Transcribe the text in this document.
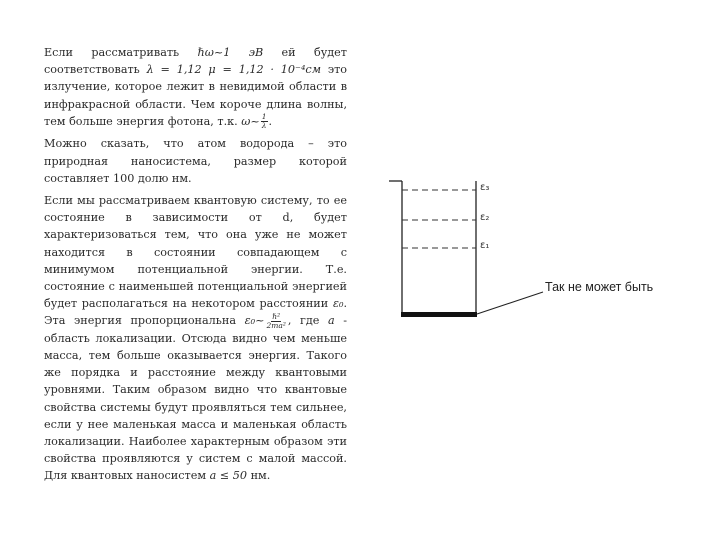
Если рассматривать ℏω~1 эВ ей будет соответствовать λ = 1,12 μ = 1,12 · 10⁻⁴см это излучение, которое лежит в невидимой области в инфракрасной области. Чем короче длина волны, тем больше энергия фотона, т.к. ω~ $\frac{1}{\lambda}$ .

Можно сказать, что атом водорода – это природная наносистема, размер которой составляет 100 долю нм.

Если мы рассматриваем квантовую систему, то ее состояние в зависимости от d, будет характеризоваться тем, что она уже не может находится в состоянии совпадающем с минимумом потенциальной энергии. Т.е. состояние с наименьшей потенциальной энергией будет располагаться на некотором расстоянии ε₀. Эта энергия пропорциональна ε₀~ $\frac{\text{ℏ²}}{\text{2ma²}}$ , где a - область локализации. Отсюда видно чем меньше масса, тем больше оказывается энергия. Такого же порядка и расстояние между квантовыми уровнями. Таким образом видно что квантовые свойства системы будут проявляться тем сильнее, если у нее маленькая масса и маленькая область локализации. Наиболее характерным образом эти свойства проявляются у систем с малой массой. Для квантовых наносистем a ≤ 50 нм.

ε₃
ε₂
ε₁
Так не может быть
